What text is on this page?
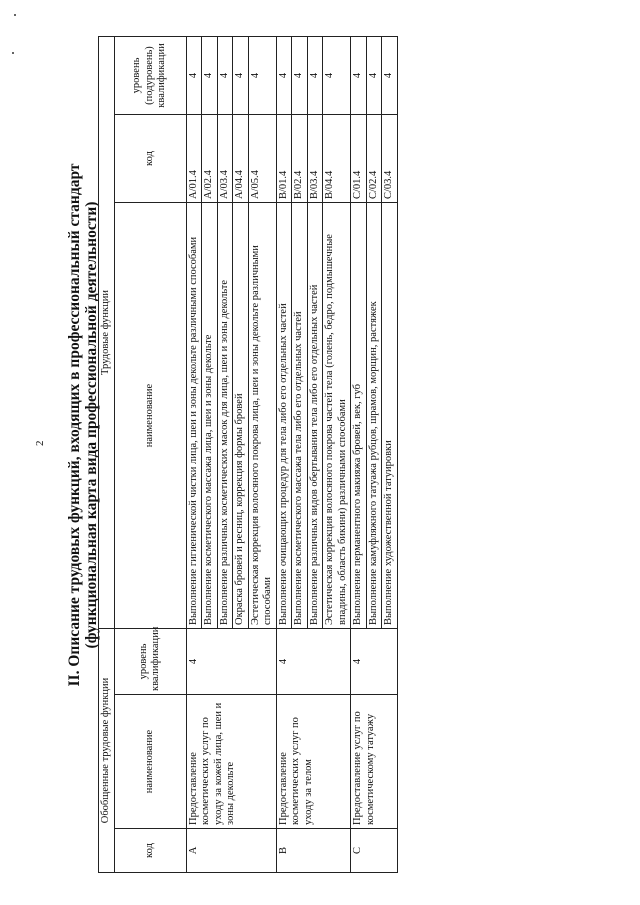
2 II. Описание трудовых функций, входящих в профессиональный стандарт (функциональная карта вида профессиональной деятельности)
Обобщенные трудовые функции			Трудовые функции		
код	наименование	уровень квалификации	наименование	код	уровень (подуровень) квалификации
A	Предоставление косметических услуг по уходу за кожей лица, шеи и зоны декольте	4	Выполнение гигиенической чистки лица, шеи и зоны декольте различными способами	A/01.4	4
			Выполнение косметического массажа лица, шеи и зоны декольте	A/02.4	4
			Выполнение различных косметических масок для лица, шеи и зоны декольте	A/03.4	4
			Окраска бровей и ресниц, коррекция формы бровей	A/04.4	4
			Эстетическая коррекция волосяного покрова лица, шеи и зоны декольте различными способами	A/05.4	4
B	Предоставление косметических услуг по уходу за телом	4	Выполнение очищающих процедур для тела либо его отдельных частей	B/01.4	4
			Выполнение косметического массажа тела либо его отдельных частей	B/02.4	4
			Выполнение различных видов обертывания тела либо его отдельных частей	B/03.4	4
			Эстетическая коррекция волосяного покрова частей тела (голень, бедро, подмышечные впадины, область бикини) различными способами	B/04.4	4
C	Предоставление услуг по косметическому татуажу	4	Выполнение перманентного макияжа бровей, век, губ	C/01.4	4
			Выполнение камуфляжного татуажа рубцов, шрамов, морщин, растяжек	C/02.4	4
			Выполнение художественной татуировки	C/03.4	4
